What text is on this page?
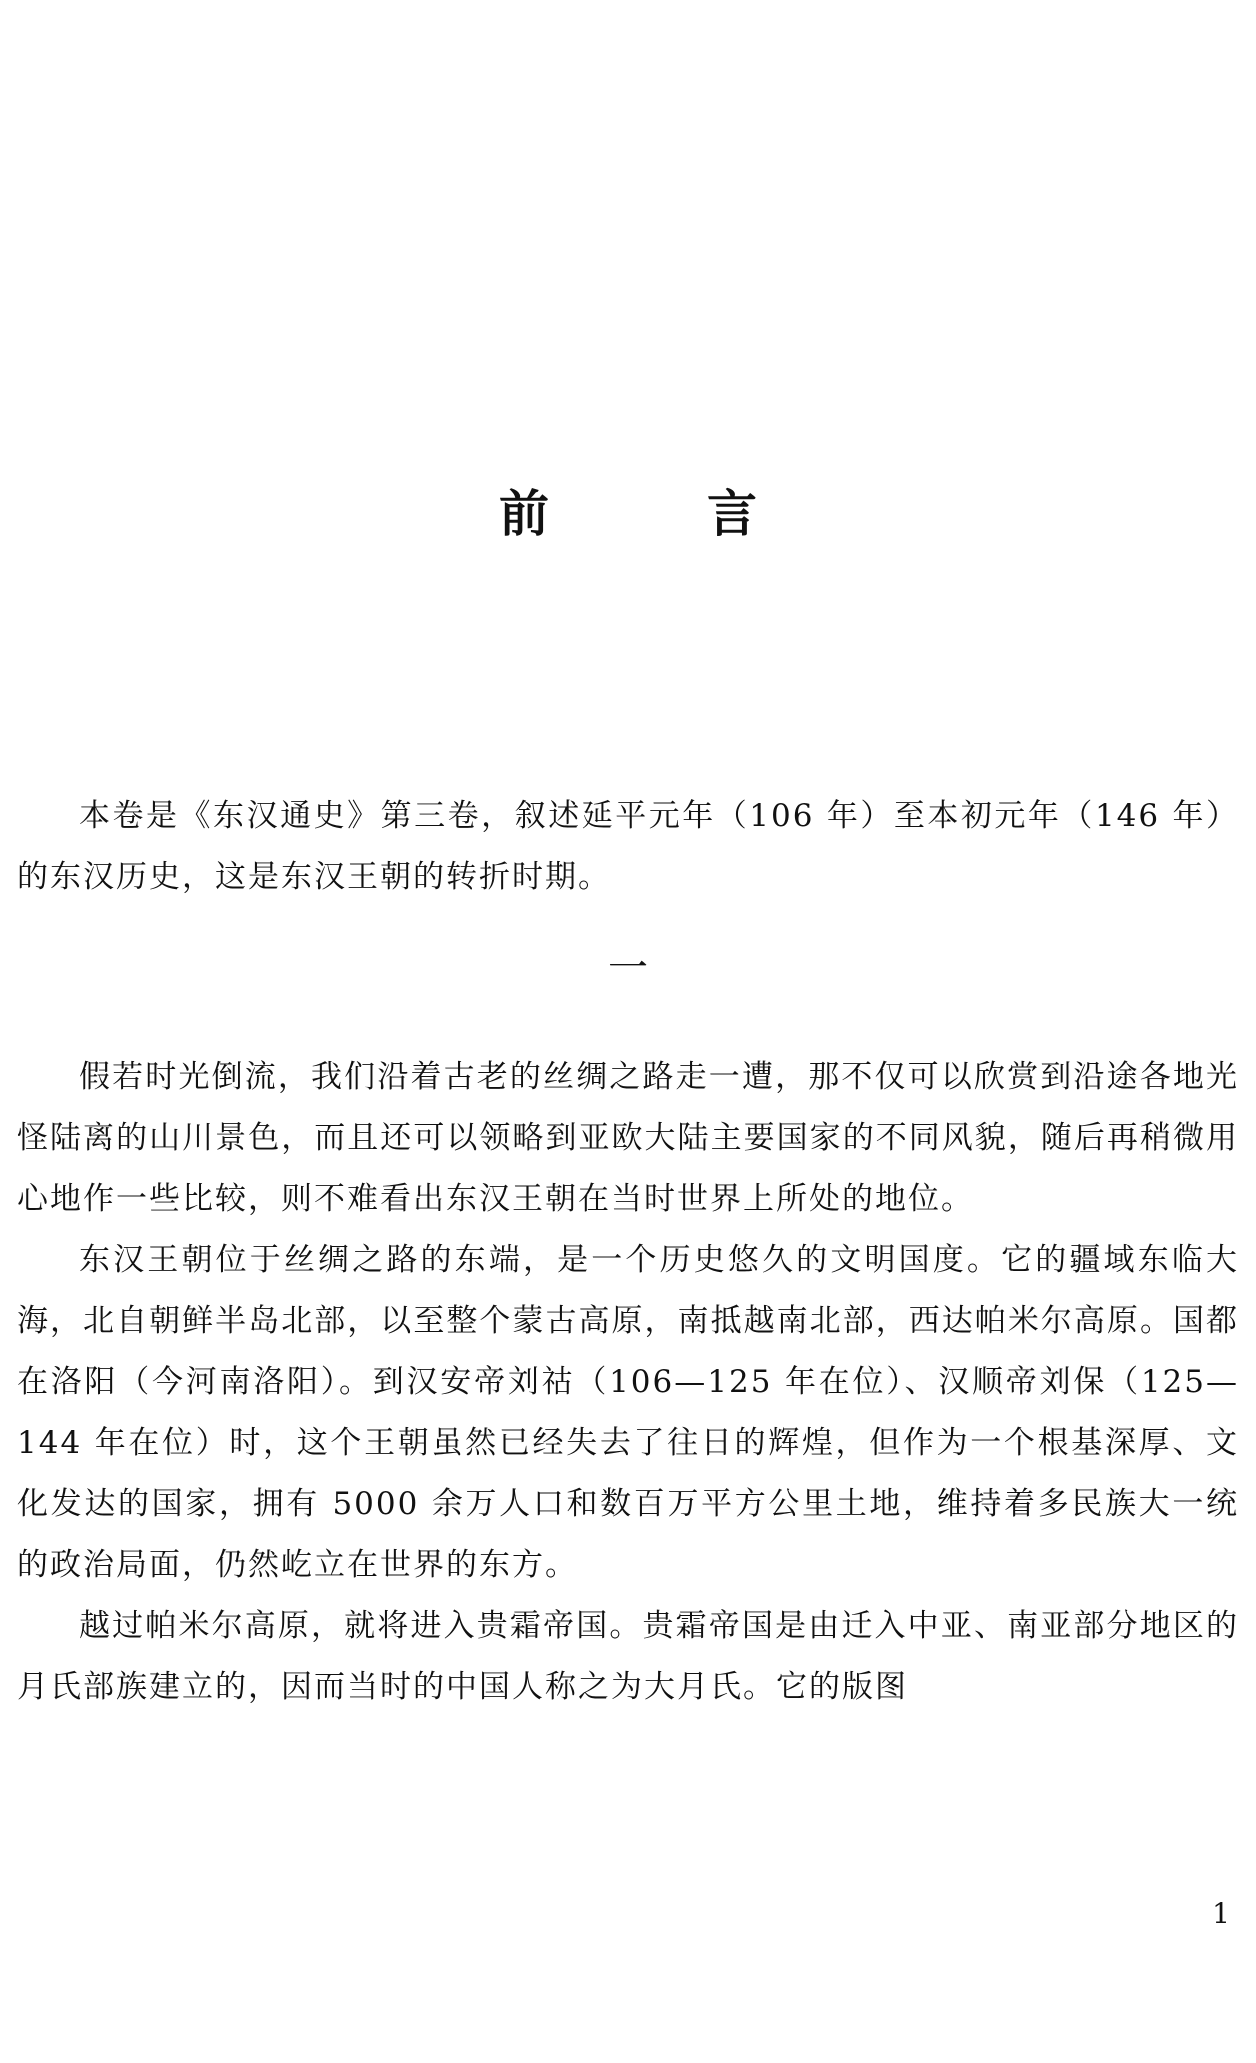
前　言

本卷是《东汉通史》第三卷，叙述延平元年（106 年）至本初元年（146 年）的东汉历史，这是东汉王朝的转折时期。

一

假若时光倒流，我们沿着古老的丝绸之路走一遭，那不仅可以欣赏到沿途各地光怪陆离的山川景色，而且还可以领略到亚欧大陆主要国家的不同风貌，随后再稍微用心地作一些比较，则不难看出东汉王朝在当时世界上所处的地位。

东汉王朝位于丝绸之路的东端，是一个历史悠久的文明国度。它的疆域东临大海，北自朝鲜半岛北部，以至整个蒙古高原，南抵越南北部，西达帕米尔高原。国都在洛阳（今河南洛阳）。到汉安帝刘祜（106—125 年在位）、汉顺帝刘保（125—144 年在位）时，这个王朝虽然已经失去了往日的辉煌，但作为一个根基深厚、文化发达的国家，拥有 5000 余万人口和数百万平方公里土地，维持着多民族大一统的政治局面，仍然屹立在世界的东方。

越过帕米尔高原，就将进入贵霜帝国。贵霜帝国是由迁入中亚、南亚部分地区的月氏部族建立的，因而当时的中国人称之为大月氏。它的版图

1
